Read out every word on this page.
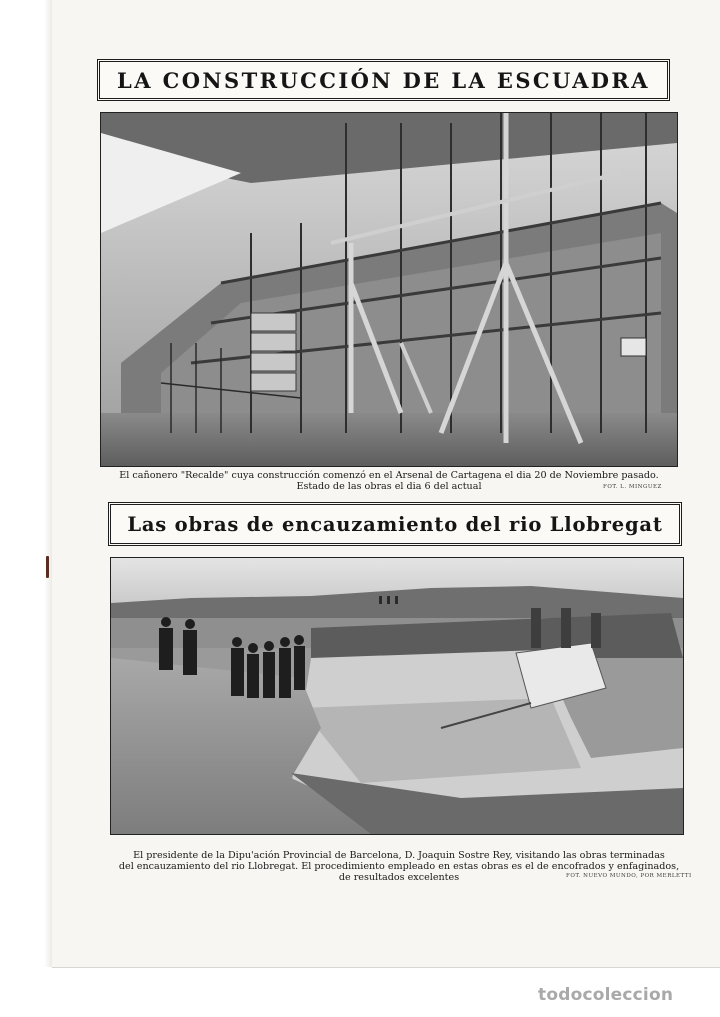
LA CONSTRUCCIÓN DE LA ESCUADRA
El cañonero "Recalde" cuya construcción comenzó en el Arsenal de Cartagena el dia 20 de Noviembre pasado.
Estado de las obras el dia 6 del actual	FOT. L. MINGUEZ
Las obras de encauzamiento del rio Llobregat
El presidente de la Dipu'ación Provincial de Barcelona, D. Joaquin Sostre Rey, visitando las obras terminadas
del encauzamiento del rio Llobregat. El procedimiento empleado en estas obras es el de encofrados y enfaginados,
de resultados excelentes	FOT. NUEVO MUNDO, POR MERLETTI
todocoleccion
